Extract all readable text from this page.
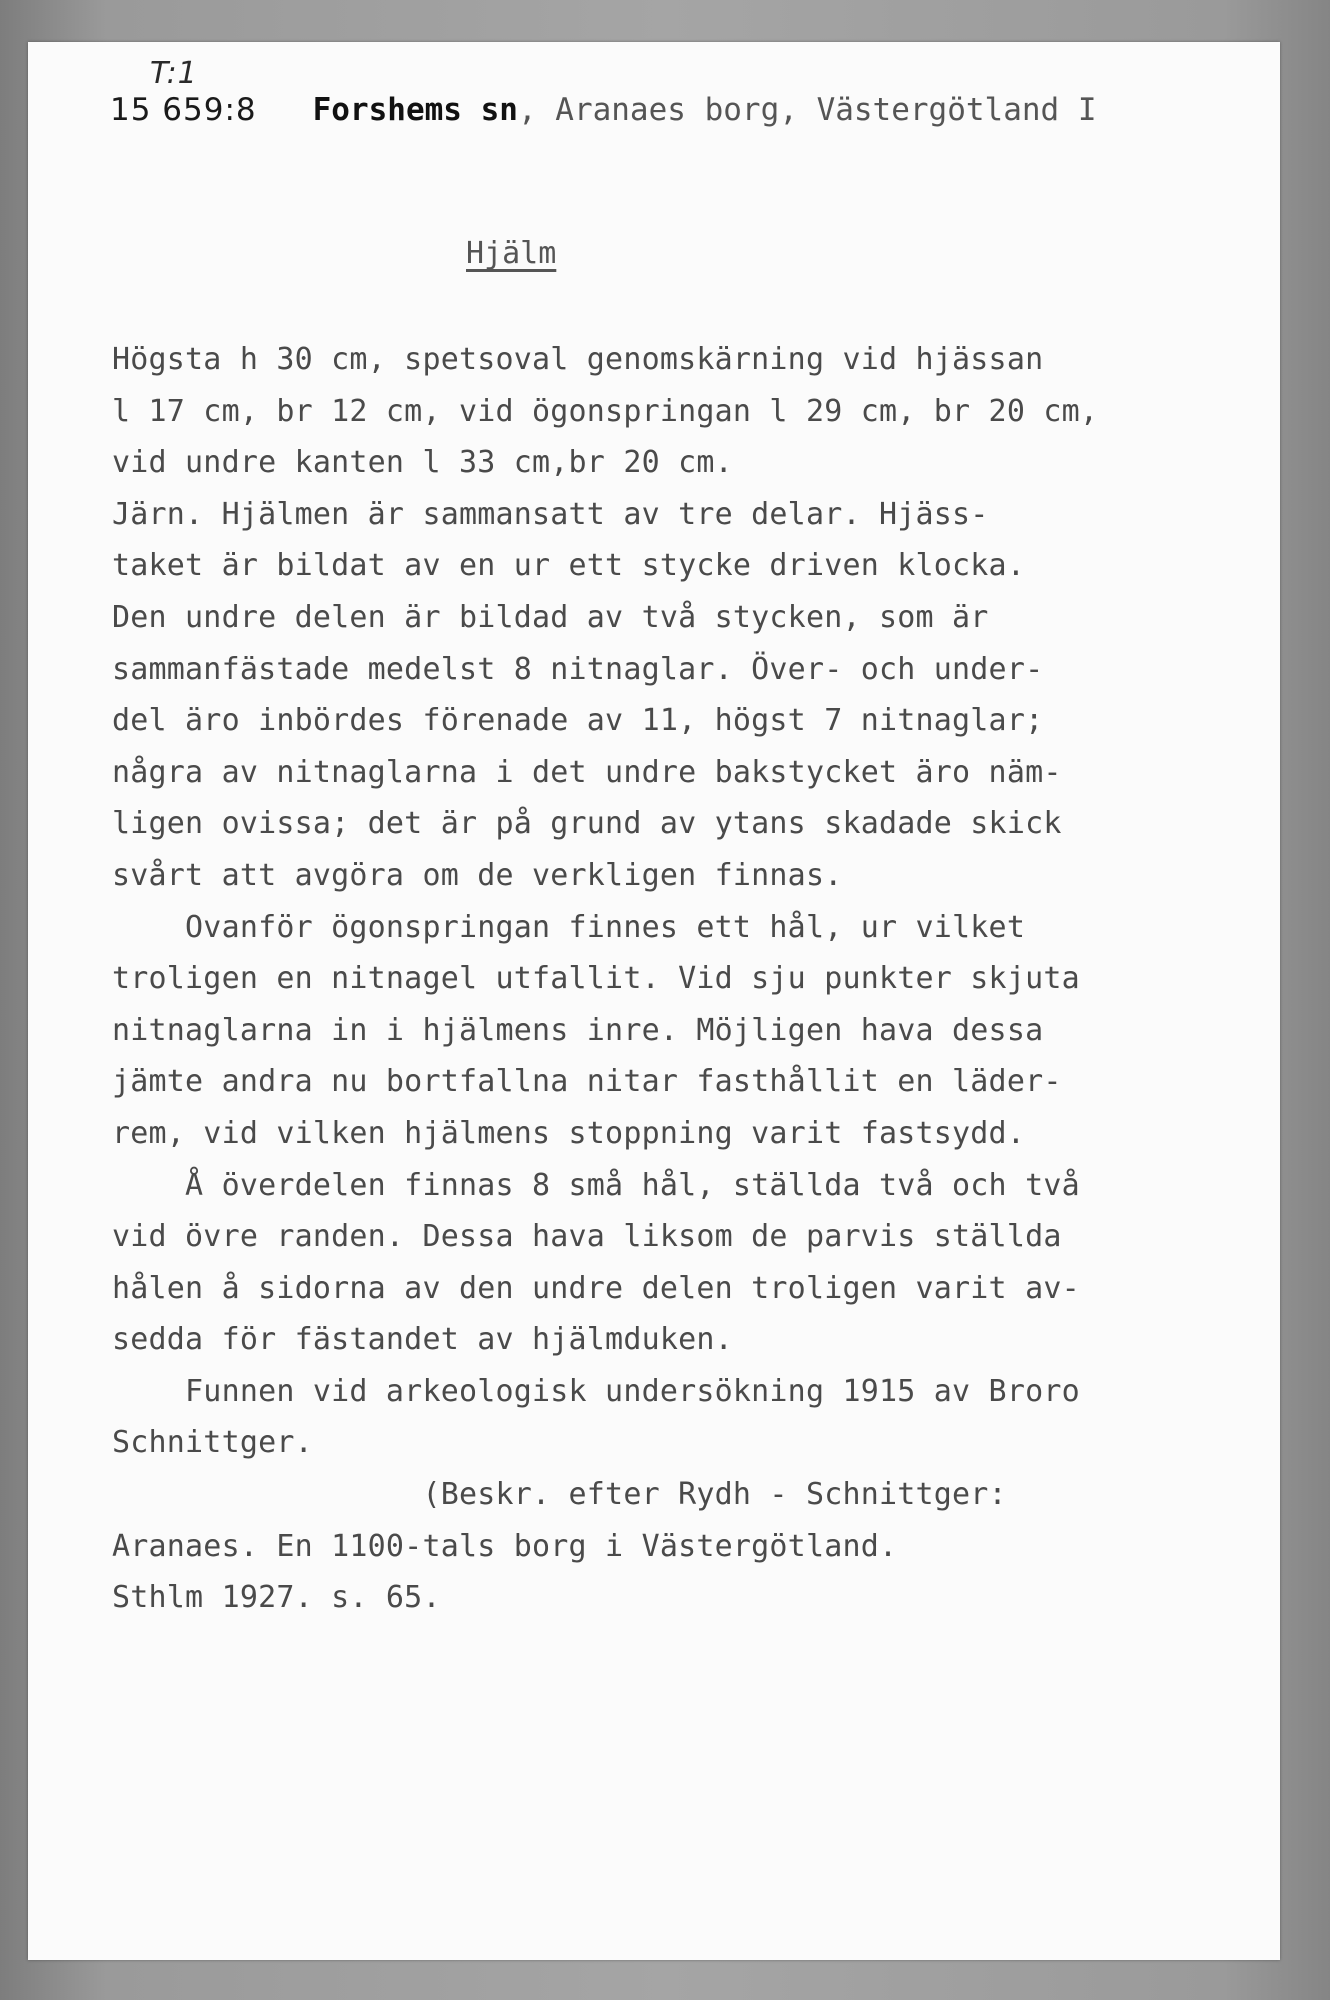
T:1
15 659:8 Forshems sn, Aranaes borg, Västergötland I
Hjälm
Högsta h 30 cm, spetsoval genomskärning vid hjässan
l 17 cm, br 12 cm, vid ögonspringan l 29 cm, br 20 cm,
vid undre kanten l 33 cm,br 20 cm.
Järn. Hjälmen är sammansatt av tre delar. Hjäss-
taket är bildat av en ur ett stycke driven klocka.
Den undre delen är bildad av två stycken, som är
sammanfästade medelst 8 nitnaglar. Över- och under-
del äro inbördes förenade av 11, högst 7 nitnaglar;
några av nitnaglarna i det undre bakstycket äro näm-
ligen ovissa; det är på grund av ytans skadade skick
svårt att avgöra om de verkligen finnas.
Ovanför ögonspringan finnes ett hål, ur vilket
troligen en nitnagel utfallit. Vid sju punkter skjuta
nitnaglarna in i hjälmens inre. Möjligen hava dessa
jämte andra nu bortfallna nitar fasthållit en läder-
rem, vid vilken hjälmens stoppning varit fastsydd.
Å överdelen finnas 8 små hål, ställda två och två
vid övre randen. Dessa hava liksom de parvis ställda
hålen å sidorna av den undre delen troligen varit av-
sedda för fästandet av hjälmduken.
Funnen vid arkeologisk undersökning 1915 av Broro
Schnittger.
(Beskr. efter Rydh - Schnittger:
Aranaes. En 1100-tals borg i Västergötland.
Sthlm 1927. s. 65.
